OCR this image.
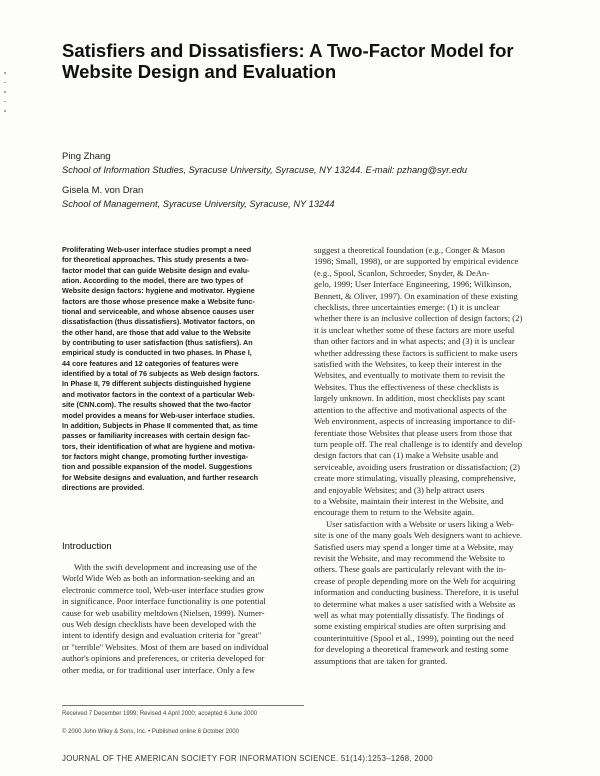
Satisfiers and Dissatisfiers: A Two-Factor Model for
Website Design and Evaluation
Ping Zhang
School of Information Studies, Syracuse University, Syracuse, NY 13244. E-mail: pzhang@syr.edu
Gisela M. von Dran
School of Management, Syracuse University, Syracuse, NY 13244
Proliferating Web-user interface studies prompt a need
for theoretical approaches. This study presents a two-
factor model that can guide Website design and evalu-
ation. According to the model, there are two types of
Website design factors: hygiene and motivator. Hygiene
factors are those whose presence make a Website func-
tional and serviceable, and whose absence causes user
dissatisfaction (thus dissatisfiers). Motivator factors, on
the other hand, are those that add value to the Website
by contributing to user satisfaction (thus satisfiers). An
empirical study is conducted in two phases. In Phase I,
44 core features and 12 categories of features were
identified by a total of 76 subjects as Web design factors.
In Phase II, 79 different subjects distinguished hygiene
and motivator factors in the context of a particular Web-
site (CNN.com). The results showed that the two-factor
model provides a means for Web-user interface studies.
In addition, Subjects in Phase II commented that, as time
passes or familiarity increases with certain design fac-
tors, their identification of what are hygiene and motiva-
tor factors might change, promoting further investiga-
tion and possible expansion of the model. Suggestions
for Website designs and evaluation, and further research
directions are provided.
Introduction
With the swift development and increasing use of the
World Wide Web as both an information-seeking and an
electronic commerce tool, Web-user interface studies grow
in significance. Poor interface functionality is one potential
cause for web usability meltdown (Nielsen, 1999). Numer-
ous Web design checklists have been developed with the
intent to identify design and evaluation criteria for "great"
or "terrible" Websites. Most of them are based on individual
author's opinions and preferences, or criteria developed for
other media, or for traditional user interface. Only a few
suggest a theoretical foundation (e.g., Conger & Mason
1998; Small, 1998), or are supported by empirical evidence
(e.g., Spool, Scanlon, Schroeder, Snyder, & DeAn-
gelo, 1999; User Interface Engineering, 1996; Wilkinson,
Bennett, & Oliver, 1997). On examination of these existing
checklists, three uncertainties emerge: (1) it is unclear
whether there is an inclusive collection of design factors; (2)
it is unclear whether some of these factors are more useful
than other factors and in what aspects; and (3) it is unclear
whether addressing these factors is sufficient to make users
satisfied with the Websites, to keep their interest in the
Websites, and eventually to motivate them to revisit the
Websites. Thus the effectiveness of these checklists is
largely unknown. In addition, most checklists pay scant
attention to the affective and motivational aspects of the
Web environment, aspects of increasing importance to dif-
ferentiate those Websites that please users from those that
turn people off. The real challenge is to identify and develop
design factors that can (1) make a Website usable and
serviceable, avoiding users frustration or dissatisfaction; (2)
create more stimulating, visually pleasing, comprehensive,
and enjoyable Websites; and (3) help attract users
to a Website, maintain their interest in the Website, and
encourage them to return to the Website again.
User satisfaction with a Website or users liking a Web-
site is one of the many goals Web designers want to achieve.
Satisfied users may spend a longer time at a Website, may
revisit the Website, and may recommend the Website to
others. These goals are particularly relevant with the in-
crease of people depending more on the Web for acquiring
information and conducting business. Therefore, it is useful
to determine what makes a user satisfied with a Website as
well as what may potentially dissatisfy. The findings of
some existing empirical studies are often surprising and
counterintuitive (Spool et al., 1999), pointing out the need
for developing a theoretical framework and testing some
assumptions that are taken for granted.
Received 7 December 1999; Revised 4 April 2000; accepted 6 June 2000
© 2000 John Wiley & Sons, Inc. • Published online 6 October 2000
JOURNAL OF THE AMERICAN SOCIETY FOR INFORMATION SCIENCE. 51(14):1253–1268, 2000
